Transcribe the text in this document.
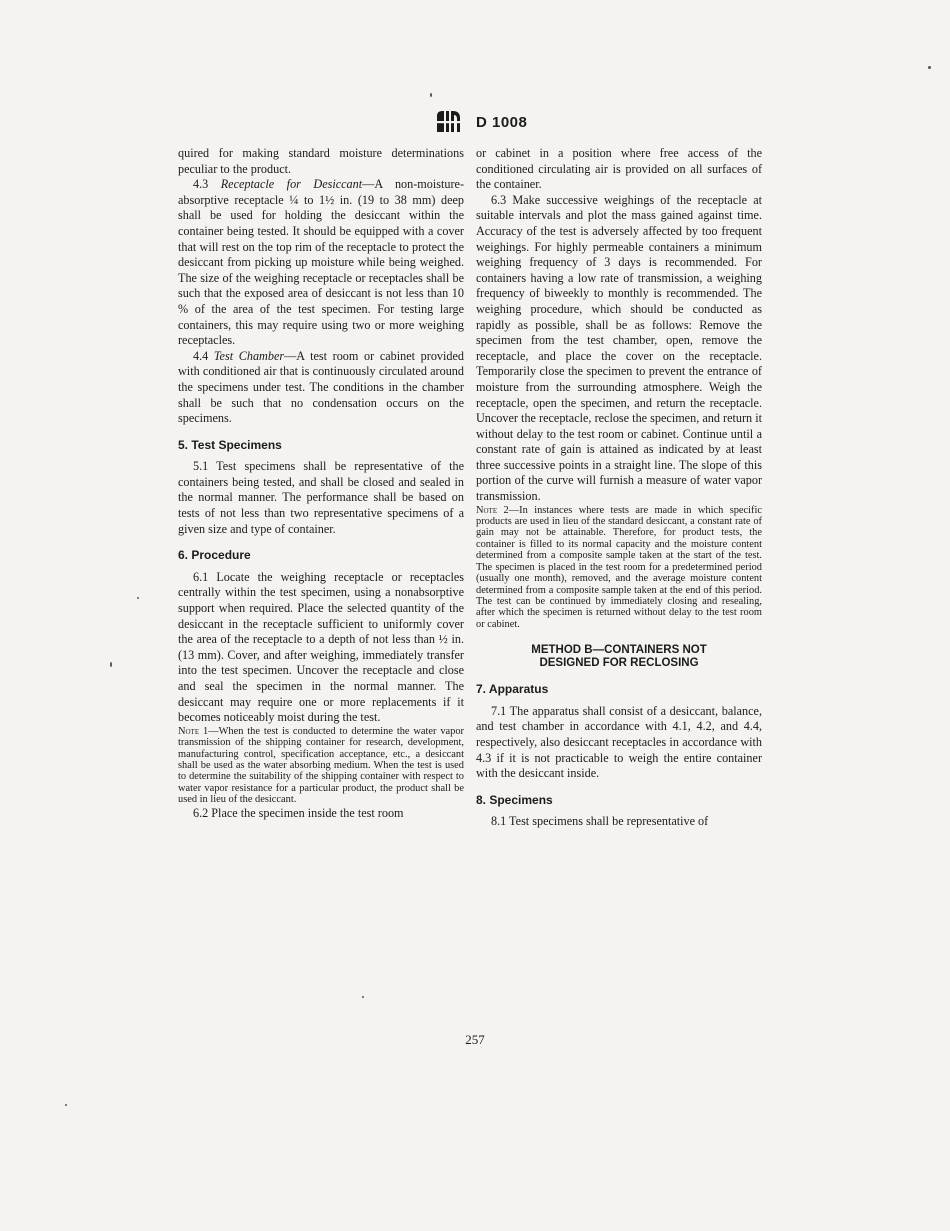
D 1008

quired for making standard moisture determinations peculiar to the product.

4.3 Receptacle for Desiccant—A non-moisture-absorptive receptacle ¼ to 1½ in. (19 to 38 mm) deep shall be used for holding the desiccant within the container being tested. It should be equipped with a cover that will rest on the top rim of the receptacle to protect the desiccant from picking up moisture while being weighed. The size of the weighing receptacle or receptacles shall be such that the exposed area of desiccant is not less than 10 % of the area of the test specimen. For testing large containers, this may require using two or more weighing receptacles.

4.4 Test Chamber—A test room or cabinet provided with conditioned air that is continuously circulated around the specimens under test. The conditions in the chamber shall be such that no condensation occurs on the specimens.

5. Test Specimens

5.1 Test specimens shall be representative of the containers being tested, and shall be closed and sealed in the normal manner. The performance shall be based on tests of not less than two representative specimens of a given size and type of container.

6. Procedure

6.1 Locate the weighing receptacle or receptacles centrally within the test specimen, using a nonabsorptive support when required. Place the selected quantity of the desiccant in the receptacle sufficient to uniformly cover the area of the receptacle to a depth of not less than ½ in. (13 mm). Cover, and after weighing, immediately transfer into the test specimen. Uncover the receptacle and close and seal the specimen in the normal manner. The desiccant may require one or more replacements if it becomes noticeably moist during the test.

Note 1—When the test is conducted to determine the water vapor transmission of the shipping container for research, development, manufacturing control, specification acceptance, etc., a desiccant shall be used as the water absorbing medium. When the test is used to determine the suitability of the shipping container with respect to water vapor resistance for a particular product, the product shall be used in lieu of the desiccant.

6.2 Place the specimen inside the test room

or cabinet in a position where free access of the conditioned circulating air is provided on all surfaces of the container.

6.3 Make successive weighings of the receptacle at suitable intervals and plot the mass gained against time. Accuracy of the test is adversely affected by too frequent weighings. For highly permeable containers a minimum weighing frequency of 3 days is recommended. For containers having a low rate of transmission, a weighing frequency of biweekly to monthly is recommended. The weighing procedure, which should be conducted as rapidly as possible, shall be as follows: Remove the specimen from the test chamber, open, remove the receptacle, and place the cover on the receptacle. Temporarily close the specimen to prevent the entrance of moisture from the surrounding atmosphere. Weigh the receptacle, open the specimen, and return the receptacle. Uncover the receptacle, reclose the specimen, and return it without delay to the test room or cabinet. Continue until a constant rate of gain is attained as indicated by at least three successive points in a straight line. The slope of this portion of the curve will furnish a measure of water vapor transmission.

Note 2—In instances where tests are made in which specific products are used in lieu of the standard desiccant, a constant rate of gain may not be attainable. Therefore, for product tests, the container is filled to its normal capacity and the moisture content determined from a composite sample taken at the start of the test. The specimen is placed in the test room for a predetermined period (usually one month), removed, and the average moisture content determined from a composite sample taken at the end of this period. The test can be continued by immediately closing and resealing, after which the specimen is returned without delay to the test room or cabinet.

METHOD B—CONTAINERS NOT
DESIGNED FOR RECLOSING
7. Apparatus

7.1 The apparatus shall consist of a desiccant, balance, and test chamber in accordance with 4.1, 4.2, and 4.4, respectively, also desiccant receptacles in accordance with 4.3 if it is not practicable to weigh the entire container with the desiccant inside.

8. Specimens

8.1 Test specimens shall be representative of

257
